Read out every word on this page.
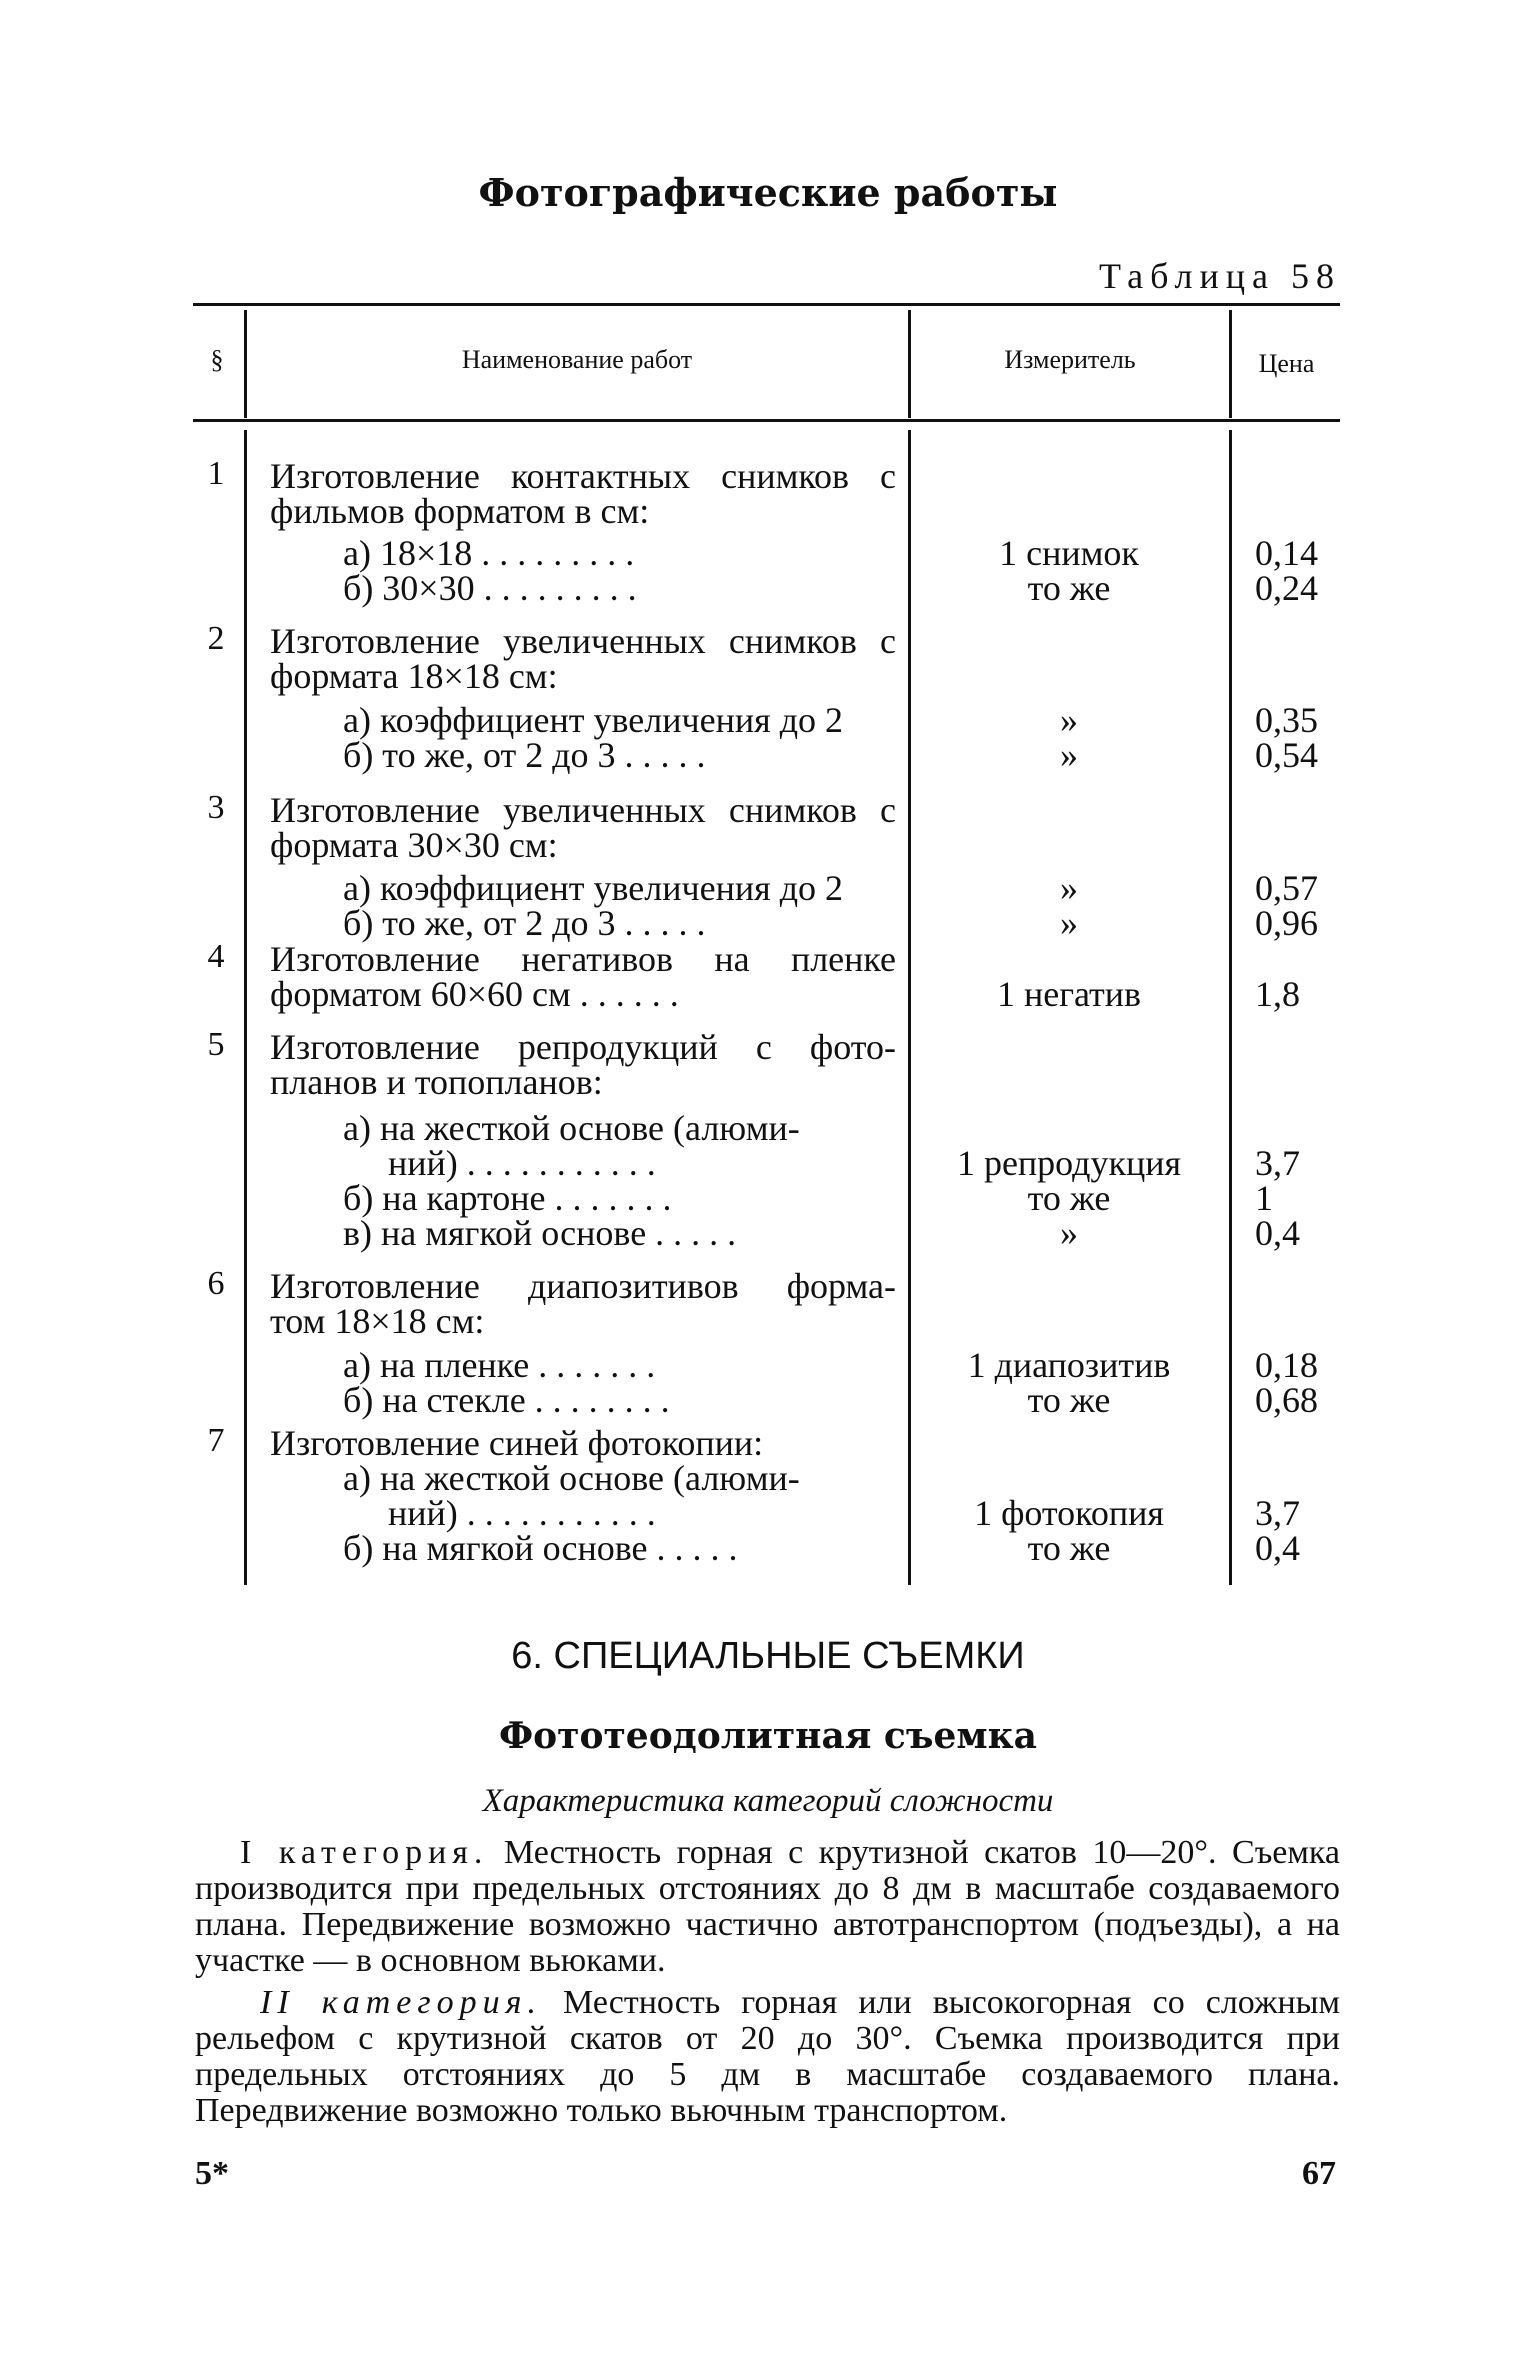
Фотографические работы
Таблица 58
§	Наименование работ	Измеритель	Цена
1	Изготовление контактных снимков с
фильмов форматом в см:
а) 18×18 . . . . . . . . .	1 снимок	0,14
б) 30×30 . . . . . . . . .	то же	0,24
2	Изготовление увеличенных снимков с
формата 18×18 см:
а) коэффициент увеличения до 2	»	0,35
б) то же, от 2 до 3 . . . . .	»	0,54
3	Изготовление увеличенных снимков с
формата 30×30 см:
а) коэффициент увеличения до 2	»	0,57
б) то же, от 2 до 3 . . . . .	»	0,96
4	Изготовление негативов на пленке
форматом 60×60 см . . . . . .	1 негатив	1,8
5	Изготовление репродукций с фото-
планов и топопланов:
а) на жесткой основе (алюми-
ний) . . . . . . . . . . .	1 репродукция	3,7
б) на картоне . . . . . . .	то же	1
в) на мягкой основе . . . . .	»	0,4
6	Изготовление диапозитивов форма-
том 18×18 см:
а) на пленке . . . . . . .	1 диапозитив	0,18
б) на стекле . . . . . . . .	то же	0,68
7	Изготовление синей фотокопии:
а) на жесткой основе (алюми-
ний) . . . . . . . . . . .	1 фотокопия	3,7
б) на мягкой основе . . . . .	то же	0,4
6. СПЕЦИАЛЬНЫЕ СЪЕМКИ
Фототеодолитная съемка
Характеристика категорий сложности
I категория. Местность горная с крутизной скатов 10—20°. Съемка производится при предельных отстояниях до 8 дм в масштабе создаваемого плана. Передвижение возможно частично автотранспортом (подъезды), а на участке — в основном вьюками.
II категория. Местность горная или высокогорная со сложным рельефом с крутизной скатов от 20 до 30°. Съемка производится при предельных отстояниях до 5 дм в масштабе создаваемого плана. Передвижение возможно только вьючным транспортом.
5*	67
